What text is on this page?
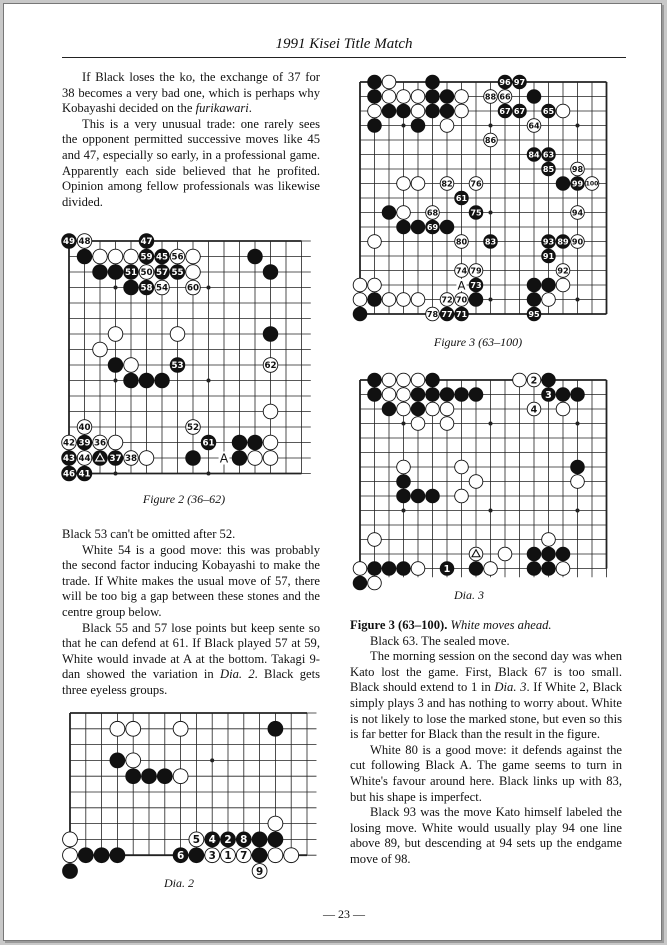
1991 Kisei Title Match

If Black loses the ko, the exchange of 37 for 38 becomes a very bad one, which is perhaps why Kobayashi decided on the furikawari.

This is a very unusual trade: one rarely sees the opponent permitted successive moves like 45 and 47, especially so early, in a professional game. Apparently each side believed that he profited. Opinion among fellow professionals was likewise divided.

49 48	47
59 45 56
51 50 57 55
58 54 60
53	62
40	52
42 39 36	61
43 44 37 38
46 41
A
Figure 2 (36–62)

Black 53 can't be omitted after 52.

White 54 is a good move: this was probably the second factor inducing Kobayashi to make the trade. If White makes the usual move of 57, there will be too big a gap between these stones and the centre group below.

Black 55 and 57 lose points but keep sente so that he can defend at 61. If Black played 57 at 59, White would invade at A at the bottom. Takagi 9-dan showed the variation in Dia. 2. Black gets three eyeless groups.

5 4 2 8
6 3 1 7
9
Dia. 2
96 97
88 66
67 67 65
64
86
84 63
85 98
82 76	99 100
61
68	75	94
69
80 83	93 89 90
91
74 79	92
73
72 70
78 77 71	95
A
Figure 3 (63–100)
2
3
4
1
Dia. 3

Figure 3 (63–100). White moves ahead.

Black 63. The sealed move.

The morning session on the second day was when Kato lost the game. First, Black 67 is too small. Black should extend to 1 in Dia. 3. If White 2, Black simply plays 3 and has nothing to worry about. White is not likely to lose the marked stone, but even so this is far better for Black than the result in the figure.

White 80 is a good move: it defends against the cut following Black A. The game seems to turn in White's favour around here. Black links up with 83, but his shape is imperfect.

Black 93 was the move Kato himself labeled the losing move. White would usually play 94 one line above 89, but descending at 94 sets up the endgame move of 98.

— 23 —
